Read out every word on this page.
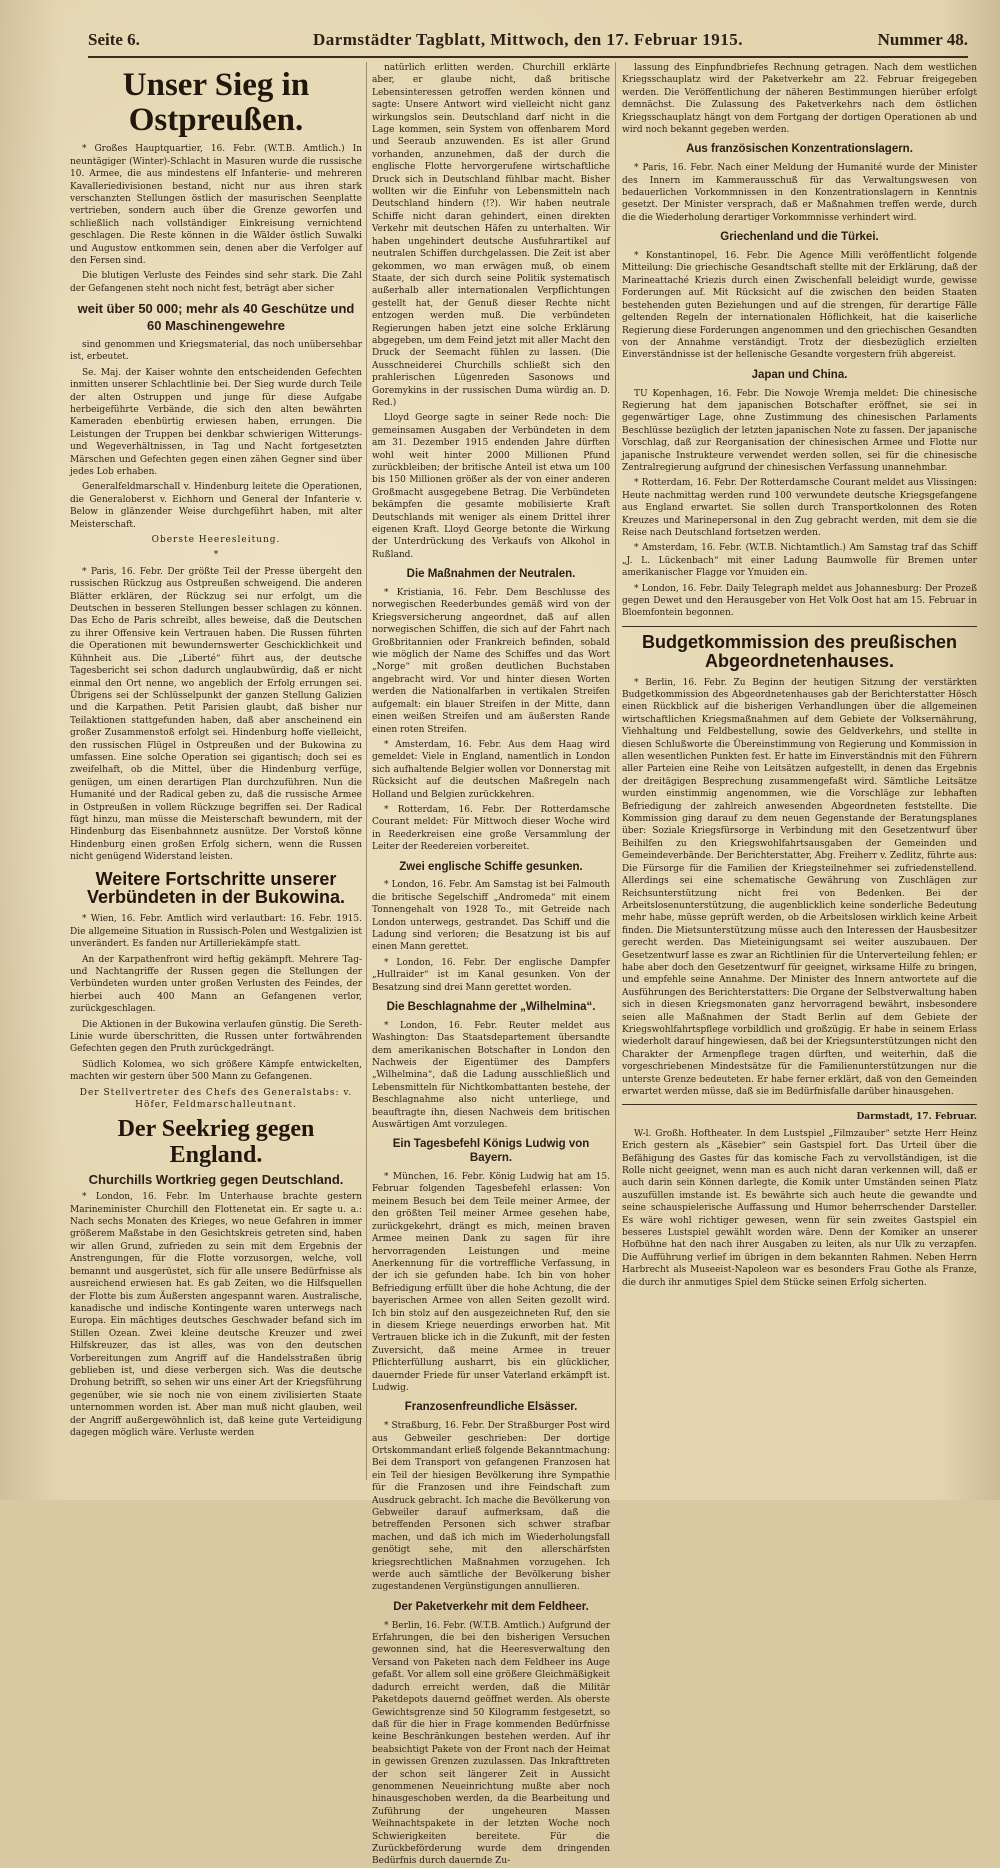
Seite 6.	Darmstädter Tagblatt, Mittwoch, den 17. Februar 1915.	Nummer 48.
Unser Sieg in Ostpreußen.

* Großes Hauptquartier, 16. Febr. (W.T.B. Amtlich.) In neuntägiger (Winter)-Schlacht in Masuren wurde die russische 10. Armee, die aus mindestens elf Infanterie- und mehreren Kavalleriedivisionen bestand, nicht nur aus ihren stark verschanzten Stellungen östlich der masurischen Seenplatte vertrieben, sondern auch über die Grenze geworfen und schließlich nach vollständiger Einkreisung vernichtend geschlagen. Die Reste können in die Wälder östlich Suwalki und Augustow entkommen sein, denen aber die Verfolger auf den Fersen sind.

Die blutigen Verluste des Feindes sind sehr stark. Die Zahl der Gefangenen steht noch nicht fest, beträgt aber sicher

weit über 50 000; mehr als 40 Geschütze und 60 Maschinengewehre

sind genommen und Kriegsmaterial, das noch unübersehbar ist, erbeutet.

Se. Maj. der Kaiser wohnte den entscheidenden Gefechten inmitten unserer Schlachtlinie bei. Der Sieg wurde durch Teile der alten Ostruppen und junge für diese Aufgabe herbeigeführte Verbände, die sich den alten bewährten Kameraden ebenbürtig erwiesen haben, errungen. Die Leistungen der Truppen bei denkbar schwierigen Witterungs- und Wegeverhältnissen, in Tag und Nacht fortgesetzten Märschen und Gefechten gegen einen zähen Gegner sind über jedes Lob erhaben.

Generalfeldmarschall v. Hindenburg leitete die Operationen, die Generaloberst v. Eichhorn und General der Infanterie v. Below in glänzender Weise durchgeführt haben, mit alter Meisterschaft.

Oberste Heeresleitung.

*

* Paris, 16. Febr. Der größte Teil der Presse übergeht den russischen Rückzug aus Ostpreußen schweigend. Die anderen Blätter erklären, der Rückzug sei nur erfolgt, um die Deutschen in besseren Stellungen besser schlagen zu können. Das Echo de Paris schreibt, alles beweise, daß die Deutschen zu ihrer Offensive kein Vertrauen haben. Die Russen führten die Operationen mit bewundernswerter Geschicklichkeit und Kühnheit aus. Die „Liberté“ führt aus, der deutsche Tagesbericht sei schon dadurch unglaubwürdig, daß er nicht einmal den Ort nenne, wo angeblich der Erfolg errungen sei. Übrigens sei der Schlüsselpunkt der ganzen Stellung Galizien und die Karpathen. Petit Parisien glaubt, daß bisher nur Teilaktionen stattgefunden haben, daß aber anscheinend ein großer Zusammenstoß erfolgt sei. Hindenburg hoffe vielleicht, den russischen Flügel in Ostpreußen und der Bukowina zu umfassen. Eine solche Operation sei gigantisch; doch sei es zweifelhaft, ob die Mittel, über die Hindenburg verfüge, genügen, um einen derartigen Plan durchzuführen. Nun die Humanité und der Radical geben zu, daß die russische Armee in Ostpreußen in vollem Rückzuge begriffen sei. Der Radical fügt hinzu, man müsse die Meisterschaft bewundern, mit der Hindenburg das Eisenbahnnetz ausnütze. Der Vorstoß könne Hindenburg einen großen Erfolg sichern, wenn die Russen nicht genügend Widerstand leisten.

Weitere Fortschritte unserer Verbündeten in der Bukowina.

* Wien, 16. Febr. Amtlich wird verlautbart: 16. Febr. 1915. Die allgemeine Situation in Russisch-Polen und Westgalizien ist unverändert. Es fanden nur Artilleriekämpfe statt.

An der Karpathenfront wird heftig gekämpft. Mehrere Tag- und Nachtangriffe der Russen gegen die Stellungen der Verbündeten wurden unter großen Verlusten des Feindes, der hierbei auch 400 Mann an Gefangenen verlor, zurückgeschlagen.

Die Aktionen in der Bukowina verlaufen günstig. Die Sereth-Linie wurde überschritten, die Russen unter fortwährenden Gefechten gegen den Pruth zurückgedrängt.

Südlich Kolomea, wo sich größere Kämpfe entwickelten, machten wir gestern über 500 Mann zu Gefangenen.

Der Stellvertreter des Chefs des Generalstabs: v. Höfer, Feldmarschalleutnant.

Der Seekrieg gegen England.
Churchills Wortkrieg gegen Deutschland.

* London, 16. Febr. Im Unterhause brachte gestern Marineminister Churchill den Flottenetat ein. Er sagte u. a.: Nach sechs Monaten des Krieges, wo neue Gefahren in immer größerem Maßstabe in den Gesichtskreis getreten sind, haben wir allen Grund, zufrieden zu sein mit dem Ergebnis der Anstrengungen, für die Flotte vorzusorgen, welche, voll bemannt und ausgerüstet, sich für alle unsere Bedürfnisse als ausreichend erwiesen hat. Es gab Zeiten, wo die Hilfsquellen der Flotte bis zum Äußersten angespannt waren. Australische, kanadische und indische Kontingente waren unterwegs nach Europa. Ein mächtiges deutsches Geschwader befand sich im Stillen Ozean. Zwei kleine deutsche Kreuzer und zwei Hilfskreuzer, das ist alles, was von den deutschen Vorbereitungen zum Angriff auf die Handelsstraßen übrig geblieben ist, und diese verbergen sich. Was die deutsche Drohung betrifft, so sehen wir uns einer Art der Kriegsführung gegenüber, wie sie noch nie von einem zivilisierten Staate unternommen worden ist. Aber man muß nicht glauben, weil der Angriff außergewöhnlich ist, daß keine gute Verteidigung dagegen möglich wäre. Verluste werden

natürlich erlitten werden. Churchill erklärte aber, er glaube nicht, daß britische Lebensinteressen getroffen werden können und sagte: Unsere Antwort wird vielleicht nicht ganz wirkungslos sein. Deutschland darf nicht in die Lage kommen, sein System von offenbarem Mord und Seeraub anzuwenden. Es ist aller Grund vorhanden, anzunehmen, daß der durch die englische Flotte hervorgerufene wirtschaftliche Druck sich in Deutschland fühlbar macht. Bisher wollten wir die Einfuhr von Lebensmitteln nach Deutschland hindern (!?). Wir haben neutrale Schiffe nicht daran gehindert, einen direkten Verkehr mit deutschen Häfen zu unterhalten. Wir haben ungehindert deutsche Ausfuhrartikel auf neutralen Schiffen durchgelassen. Die Zeit ist aber gekommen, wo man erwägen muß, ob einem Staate, der sich durch seine Politik systematisch außerhalb aller internationalen Verpflichtungen gestellt hat, der Genuß dieser Rechte nicht entzogen werden muß. Die verbündeten Regierungen haben jetzt eine solche Erklärung abgegeben, um dem Feind jetzt mit aller Macht den Druck der Seemacht fühlen zu lassen. (Die Ausschneiderei Churchills schließt sich den prahlerischen Lügenreden Sasonows und Goremykins in der russischen Duma würdig an. D. Red.)

Lloyd George sagte in seiner Rede noch: Die gemeinsamen Ausgaben der Verbündeten in dem am 31. Dezember 1915 endenden Jahre dürften wohl weit hinter 2000 Millionen Pfund zurückbleiben; der britische Anteil ist etwa um 100 bis 150 Millionen größer als der von einer anderen Großmacht ausgegebene Betrag. Die Verbündeten bekämpfen die gesamte mobilisierte Kraft Deutschlands mit weniger als einem Drittel ihrer eigenen Kraft. Lloyd George betonte die Wirkung der Unterdrückung des Verkaufs von Alkohol in Rußland.

Die Maßnahmen der Neutralen.

* Kristiania, 16. Febr. Dem Beschlusse des norwegischen Reederbundes gemäß wird von der Kriegsversicherung angeordnet, daß auf allen norwegischen Schiffen, die sich auf der Fahrt nach Großbritannien oder Frankreich befinden, sobald wie möglich der Name des Schiffes und das Wort „Norge“ mit großen deutlichen Buchstaben angebracht wird. Vor und hinter diesen Worten werden die Nationalfarben in vertikalen Streifen aufgemalt: ein blauer Streifen in der Mitte, dann einen weißen Streifen und am äußersten Rande einen roten Streifen.

* Amsterdam, 16. Febr. Aus dem Haag wird gemeldet: Viele in England, namentlich in London sich aufhaltende Belgier wollen vor Donnerstag mit Rücksicht auf die deutschen Maßregeln nach Holland und Belgien zurückkehren.

* Rotterdam, 16. Febr. Der Rotterdamsche Courant meldet: Für Mittwoch dieser Woche wird in Reederkreisen eine große Versammlung der Leiter der Reedereien vorbereitet.

Zwei englische Schiffe gesunken.

* London, 16. Febr. Am Samstag ist bei Falmouth die britische Segelschiff „Andromeda“ mit einem Tonnengehalt von 1928 To., mit Getreide nach London unterwegs, gestrandet. Das Schiff und die Ladung sind verloren; die Besatzung ist bis auf einen Mann gerettet.

* London, 16. Febr. Der englische Dampfer „Hullraider“ ist im Kanal gesunken. Von der Besatzung sind drei Mann gerettet worden.

Die Beschlagnahme der „Wilhelmina“.

* London, 16. Febr. Reuter meldet aus Washington: Das Staatsdepartement übersandte dem amerikanischen Botschafter in London den Nachweis der Eigentümer des Dampfers „Wilhelmina“, daß die Ladung ausschließlich und Lebensmitteln für Nichtkombattanten bestehe, der Beschlagnahme also nicht unterliege, und beauftragte ihn, diesen Nachweis dem britischen Auswärtigen Amt vorzulegen.

Ein Tagesbefehl Königs Ludwig von Bayern.

* München, 16. Febr. König Ludwig hat am 15. Februar folgenden Tagesbefehl erlassen: Von meinem Besuch bei dem Teile meiner Armee, der den größten Teil meiner Armee gesehen habe, zurückgekehrt, drängt es mich, meinen braven Armee meinen Dank zu sagen für ihre hervorragenden Leistungen und meine Anerkennung für die vortreffliche Verfassung, in der ich sie gefunden habe. Ich bin von hoher Befriedigung erfüllt über die hohe Achtung, die der bayerischen Armee von allen Seiten gezollt wird. Ich bin stolz auf den ausgezeichneten Ruf, den sie in diesem Kriege neuerdings erworben hat. Mit Vertrauen blicke ich in die Zukunft, mit der festen Zuversicht, daß meine Armee in treuer Pflichterfüllung ausharrt, bis ein glücklicher, dauernder Friede für unser Vaterland erkämpft ist. Ludwig.

Franzosenfreundliche Elsässer.

* Straßburg, 16. Febr. Der Straßburger Post wird aus Gebweiler geschrieben: Der dortige Ortskommandant erließ folgende Bekanntmachung: Bei dem Transport von gefangenen Franzosen hat ein Teil der hiesigen Bevölkerung ihre Sympathie für die Franzosen und ihre Feindschaft zum Ausdruck gebracht. Ich mache die Bevölkerung von Gebweiler darauf aufmerksam, daß die betreffenden Personen sich schwer strafbar machen, und daß ich mich im Wiederholungsfall genötigt sehe, mit den allerschärfsten kriegsrechtlichen Maßnahmen vorzugehen. Ich werde auch sämtliche der Bevölkerung bisher zugestandenen Vergünstigungen annullieren.

Der Paketverkehr mit dem Feldheer.

* Berlin, 16. Febr. (W.T.B. Amtlich.) Aufgrund der Erfahrungen, die bei den bisherigen Versuchen gewonnen sind, hat die Heeresverwaltung den Versand von Paketen nach dem Feldheer ins Auge gefaßt. Vor allem soll eine größere Gleichmäßigkeit dadurch erreicht werden, daß die Militär Paketdepots dauernd geöffnet werden. Als oberste Gewichtsgrenze sind 50 Kilogramm festgesetzt, so daß für die hier in Frage kommenden Bedürfnisse keine Beschränkungen bestehen werden. Auf ihr beabsichtigt Pakete von der Front nach der Heimat in gewissen Grenzen zuzulassen. Das Inkrafttreten der schon seit längerer Zeit in Aussicht genommenen Neueinrichtung mußte aber noch hinausgeschoben werden, da die Bearbeitung und Zuführung der ungeheuren Massen Weihnachtspakete in der letzten Woche noch Schwierigkeiten bereitete. Für die Zurückbeförderung wurde dem dringenden Bedürfnis durch dauernde Zu-

lassung des Einpfundbriefes Rechnung getragen. Nach dem westlichen Kriegsschauplatz wird der Paketverkehr am 22. Februar freigegeben werden. Die Veröffentlichung der näheren Bestimmungen hierüber erfolgt demnächst. Die Zulassung des Paketverkehrs nach dem östlichen Kriegsschauplatz hängt von dem Fortgang der dortigen Operationen ab und wird noch bekannt gegeben werden.

Aus französischen Konzentrationslagern.

* Paris, 16. Febr. Nach einer Meldung der Humanité wurde der Minister des Innern im Kammerausschuß für das Verwaltungswesen von bedauerlichen Vorkommnissen in den Konzentrationslagern in Kenntnis gesetzt. Der Minister versprach, daß er Maßnahmen treffen werde, durch die die Wiederholung derartiger Vorkommnisse verhindert wird.

Griechenland und die Türkei.

* Konstantinopel, 16. Febr. Die Agence Milli veröffentlicht folgende Mitteilung: Die griechische Gesandtschaft stellte mit der Erklärung, daß der Marineattaché Kriezis durch einen Zwischenfall beleidigt wurde, gewisse Forderungen auf. Mit Rücksicht auf die zwischen den beiden Staaten bestehenden guten Beziehungen und auf die strengen, für derartige Fälle geltenden Regeln der internationalen Höflichkeit, hat die kaiserliche Regierung diese Forderungen angenommen und den griechischen Gesandten von der Annahme verständigt. Trotz der diesbezüglich erzielten Einverständnisse ist der hellenische Gesandte vorgestern früh abgereist.

Japan und China.

TU Kopenhagen, 16. Febr. Die Nowoje Wremja meldet: Die chinesische Regierung hat dem japanischen Botschafter eröffnet, sie sei in gegenwärtiger Lage, ohne Zustimmung des chinesischen Parlaments Beschlüsse bezüglich der letzten japanischen Note zu fassen. Der japanische Vorschlag, daß zur Reorganisation der chinesischen Armee und Flotte nur japanische Instrukteure verwendet werden sollen, sei für die chinesische Zentralregierung aufgrund der chinesischen Verfassung unannehmbar.

* Rotterdam, 16. Febr. Der Rotterdamsche Courant meldet aus Vlissingen: Heute nachmittag werden rund 100 verwundete deutsche Kriegsgefangene aus England erwartet. Sie sollen durch Transportkolonnen des Roten Kreuzes und Marinepersonal in den Zug gebracht werden, mit dem sie die Reise nach Deutschland fortsetzen werden.

* Amsterdam, 16. Febr. (W.T.B. Nichtamtlich.) Am Samstag traf das Schiff „J. L. Lückenbach“ mit einer Ladung Baumwolle für Bremen unter amerikanischer Flagge vor Ymuiden ein.

* London, 16. Febr. Daily Telegraph meldet aus Johannesburg: Der Prozeß gegen Dewet und den Herausgeber von Het Volk Oost hat am 15. Februar in Bloemfontein begonnen.

Budgetkommission des preußischen Abgeordnetenhauses.

* Berlin, 16. Febr. Zu Beginn der heutigen Sitzung der verstärkten Budgetkommission des Abgeordnetenhauses gab der Berichterstatter Hösch einen Rückblick auf die bisherigen Verhandlungen über die allgemeinen wirtschaftlichen Kriegsmaßnahmen auf dem Gebiete der Volksernährung, Viehhaltung und Feldbestellung, sowie des Geldverkehrs, und stellte in diesen Schlußworte die Übereinstimmung von Regierung und Kommission in allen wesentlichen Punkten fest. Er hatte im Einverständnis mit den Führern aller Parteien eine Reihe von Leitsätzen aufgestellt, in denen das Ergebnis der dreitägigen Besprechung zusammengefaßt wird. Sämtliche Leitsätze wurden einstimmig angenommen, wie die Vorschläge zur lebhaften Befriedigung der zahlreich anwesenden Abgeordneten feststellte. Die Kommission ging darauf zu dem neuen Gegenstande der Beratungsplanes über: Soziale Kriegsfürsorge in Verbindung mit den Gesetzentwurf über Beihilfen zu den Kriegswohlfahrtsausgaben der Gemeinden und Gemeindeverbände. Der Berichterstatter, Abg. Freiherr v. Zedlitz, führte aus: Die Fürsorge für die Familien der Kriegsteilnehmer sei zufriedenstellend. Allerdings sei eine schematische Gewährung von Zuschlägen zur Reichsunterstützung nicht frei von Bedenken. Bei der Arbeitslosenunterstützung, die augenblicklich keine sonderliche Bedeutung mehr habe, müsse geprüft werden, ob die Arbeitslosen wirklich keine Arbeit finden. Die Mietsunterstützung müsse auch den Interessen der Hausbesitzer gerecht werden. Das Mieteinigungsamt sei weiter auszubauen. Der Gesetzentwurf lasse es zwar an Richtlinien für die Unterverteilung fehlen; er habe aber doch den Gesetzentwurf für geeignet, wirksame Hilfe zu bringen, und empfehle seine Annahme. Der Minister des Innern antwortete auf die Ausführungen des Berichterstatters: Die Organe der Selbstverwaltung haben sich in diesen Kriegsmonaten ganz hervorragend bewährt, insbesondere seien alle Maßnahmen der Stadt Berlin auf dem Gebiete der Kriegswohlfahrtspflege vorbildlich und großzügig. Er habe in seinem Erlass wiederholt darauf hingewiesen, daß bei der Kriegsunterstützungen nicht den Charakter der Armenpflege tragen dürften, und weiterhin, daß die vorgeschriebenen Mindestsätze für die Familienunterstützungen nur die unterste Grenze bedeuteten. Er habe ferner erklärt, daß von den Gemeinden erwartet werden müsse, daß sie im Bedürfnisfalle darüber hinausgehen.

Darmstadt, 17. Februar.

W-l. Großh. Hoftheater. In dem Lustspiel „Filmzauber“ setzte Herr Heinz Erich gestern als „Käsebier“ sein Gastspiel fort. Das Urteil über die Befähigung des Gastes für das komische Fach zu vervollständigen, ist die Rolle nicht geeignet, wenn man es auch nicht daran verkennen will, daß er auch darin sein Können darlegte, die Komik unter Umständen seinen Platz auszufüllen imstande ist. Es bewährte sich auch heute die gewandte und seine schauspielerische Auffassung und Humor beherrschender Darsteller. Es wäre wohl richtiger gewesen, wenn für sein zweites Gastspiel ein besseres Lustspiel gewählt worden wäre. Denn der Komiker an unserer Hofbühne hat den nach ihrer Ausgaben zu leiten, als nur Ulk zu verzapfen. Die Aufführung verlief im übrigen in dem bekannten Rahmen. Neben Herrn Harbrecht als Museeist-Napoleon war es besonders Frau Gothe als Franze, die durch ihr anmutiges Spiel dem Stücke seinen Erfolg sicherten.
